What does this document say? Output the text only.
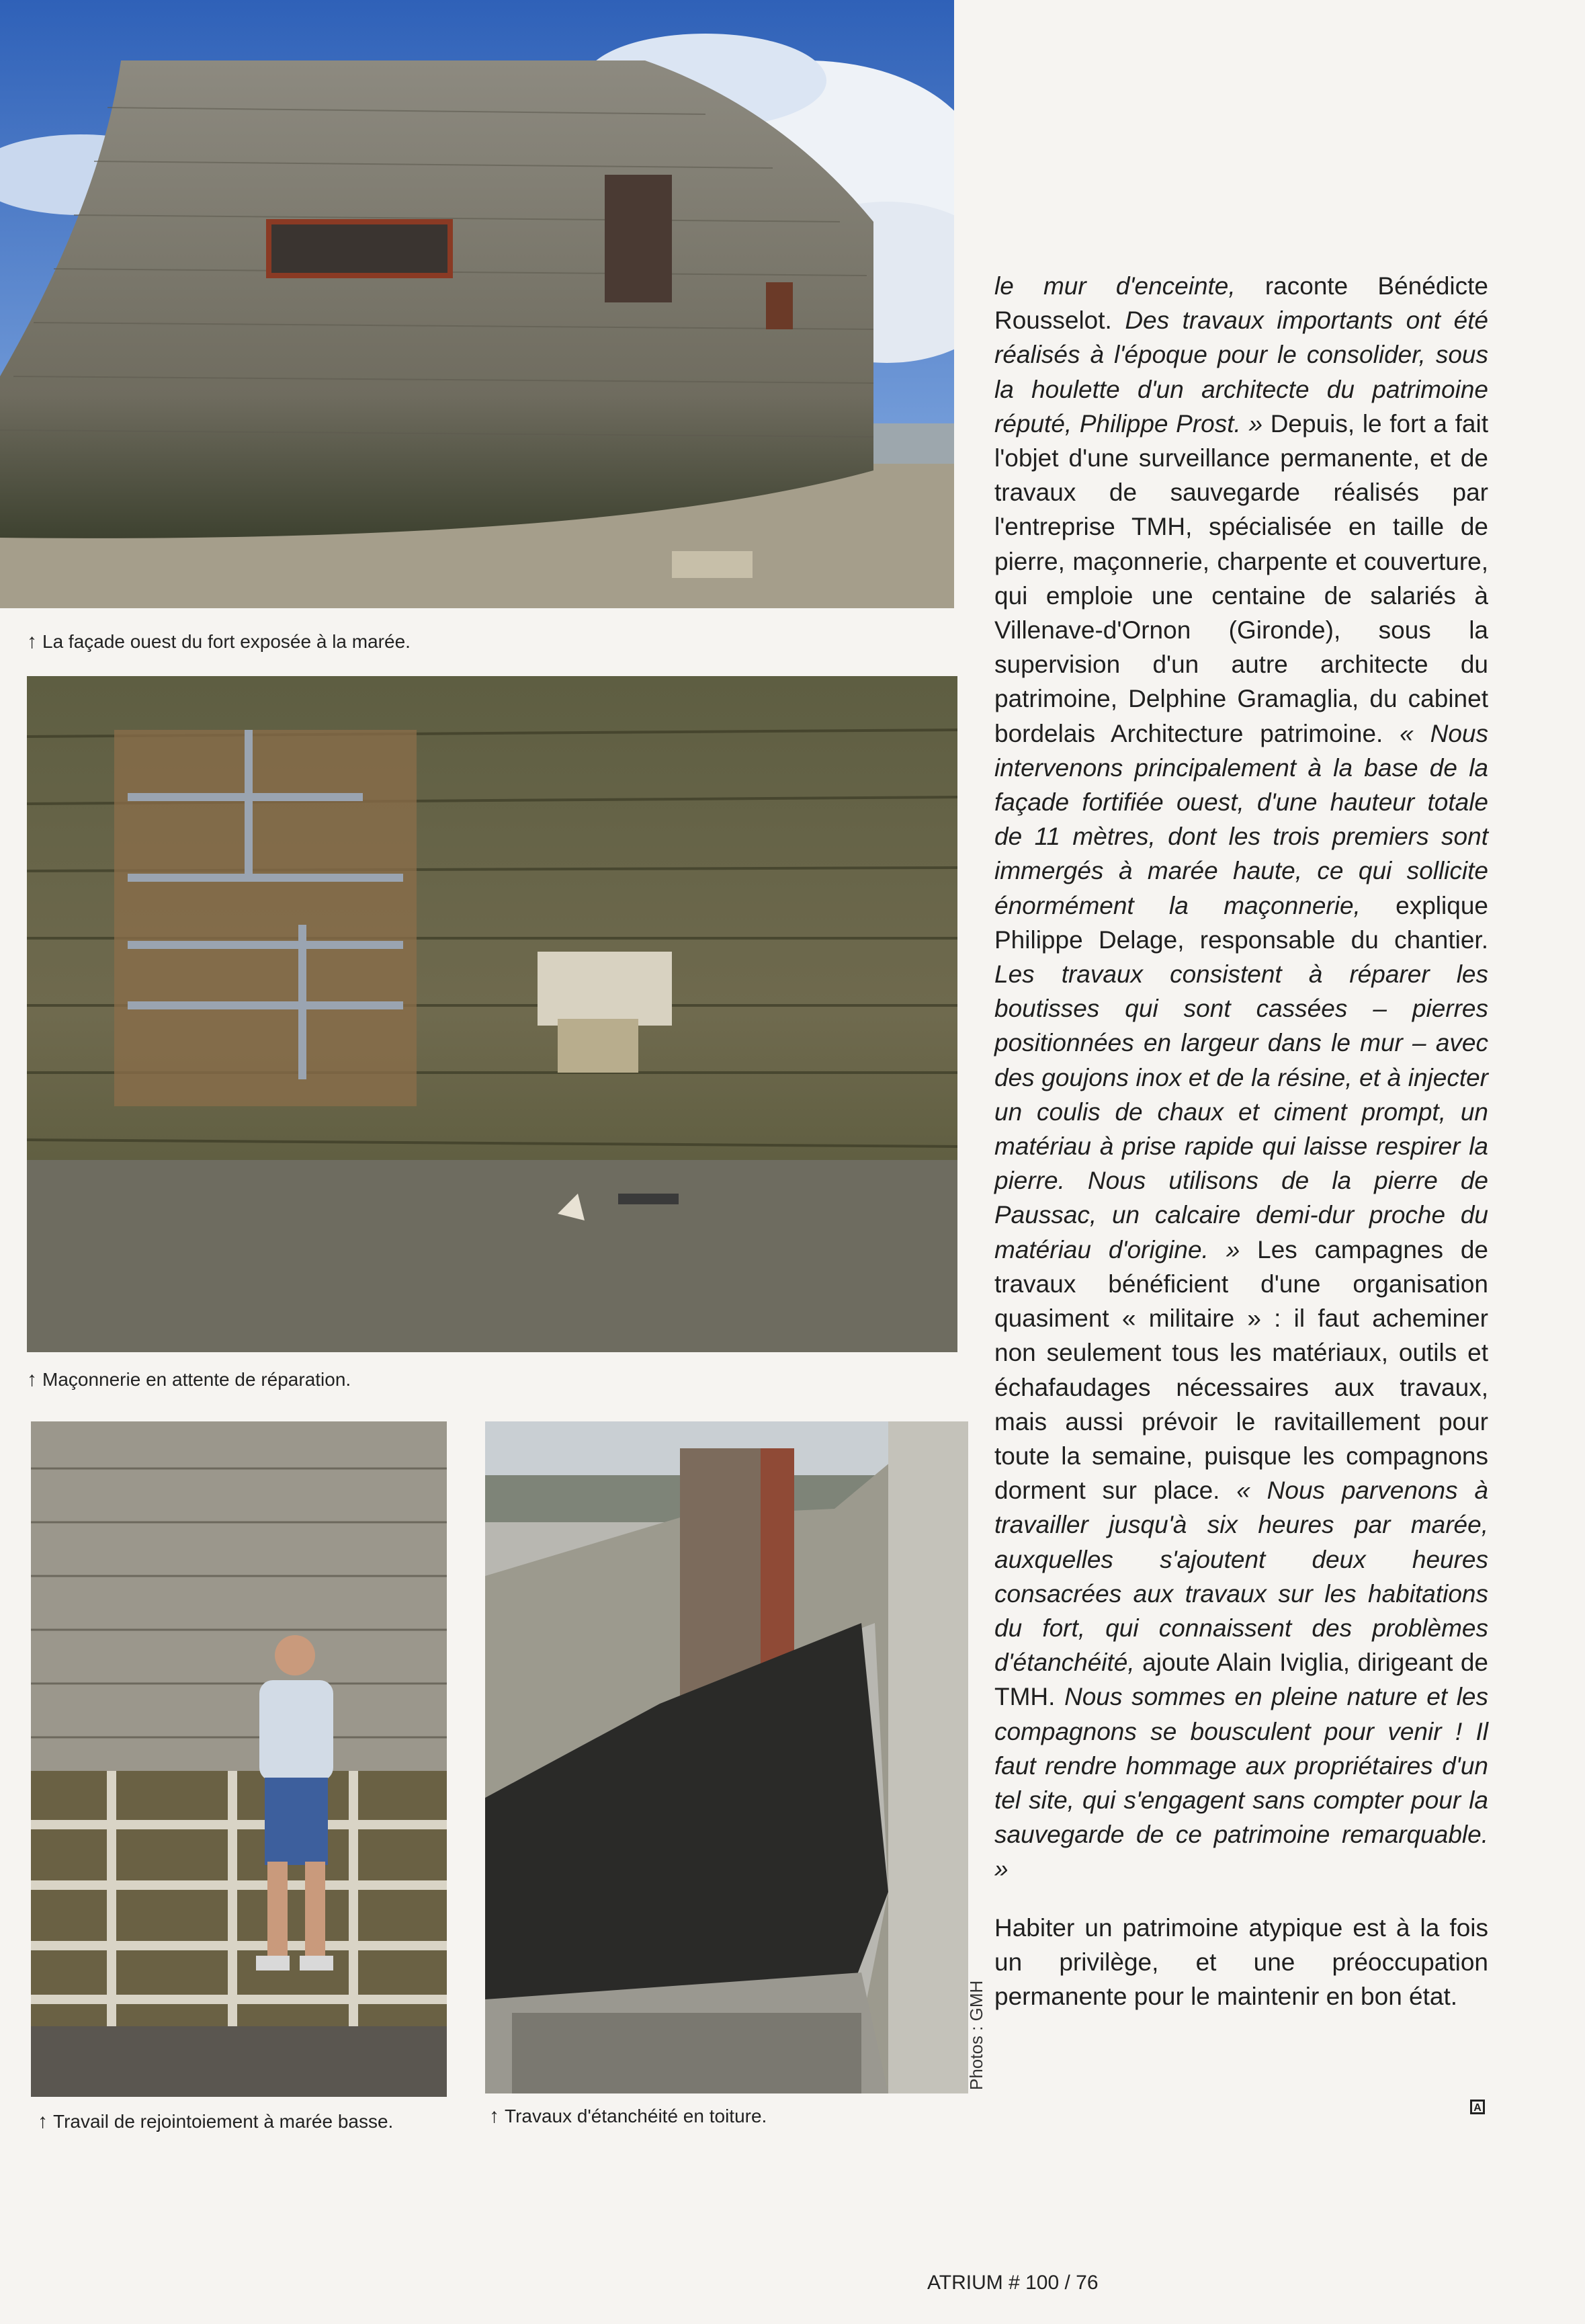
↑ La façade ouest du fort exposée à la marée.
↑ Maçonnerie en attente de réparation.
↑ Travail de rejointoiement à marée basse.	↑ Travaux d'étanchéité en toiture.
Photos : GMH

le mur d'enceinte, raconte Bénédicte Rousselot. Des travaux importants ont été réalisés à l'époque pour le consolider, sous la houlette d'un architecte du patrimoine réputé, Philippe Prost. » Depuis, le fort a fait l'objet d'une surveillance permanente, et de travaux de sauvegarde réalisés par l'entreprise TMH, spécialisée en taille de pierre, maçonnerie, charpente et couverture, qui emploie une centaine de salariés à Villenave-d'Ornon (Gironde), sous la supervision d'un autre architecte du patrimoine, Delphine Gramaglia, du cabinet bordelais Architecture patrimoine. « Nous intervenons principalement à la base de la façade fortifiée ouest, d'une hauteur totale de 11 mètres, dont les trois premiers sont immergés à marée haute, ce qui sollicite énormément la maçonnerie, explique Philippe Delage, responsable du chantier. Les travaux consistent à réparer les boutisses qui sont cassées – pierres positionnées en largeur dans le mur – avec des goujons inox et de la résine, et à injecter un coulis de chaux et ciment prompt, un matériau à prise rapide qui laisse respirer la pierre. Nous utilisons de la pierre de Paussac, un calcaire demi-dur proche du matériau d'origine. » Les campagnes de travaux bénéficient d'une organisation quasiment « militaire » : il faut acheminer non seulement tous les matériaux, outils et échafaudages nécessaires aux travaux, mais aussi prévoir le ravitaillement pour toute la semaine, puisque les compagnons dorment sur place. « Nous parvenons à travailler jusqu'à six heures par marée, auxquelles s'ajoutent deux heures consacrées aux travaux sur les habitations du fort, qui connaissent des problèmes d'étanchéité, ajoute Alain Iviglia, dirigeant de TMH. Nous sommes en pleine nature et les compagnons se bousculent pour venir ! Il faut rendre hommage aux propriétaires d'un tel site, qui s'engagent sans compter pour la sauvegarde de ce patrimoine remarquable. »

Habiter un patrimoine atypique est à la fois un privilège, et une préoccupation permanente pour le maintenir en bon état.

A
ATRIUM # 100 / 76
